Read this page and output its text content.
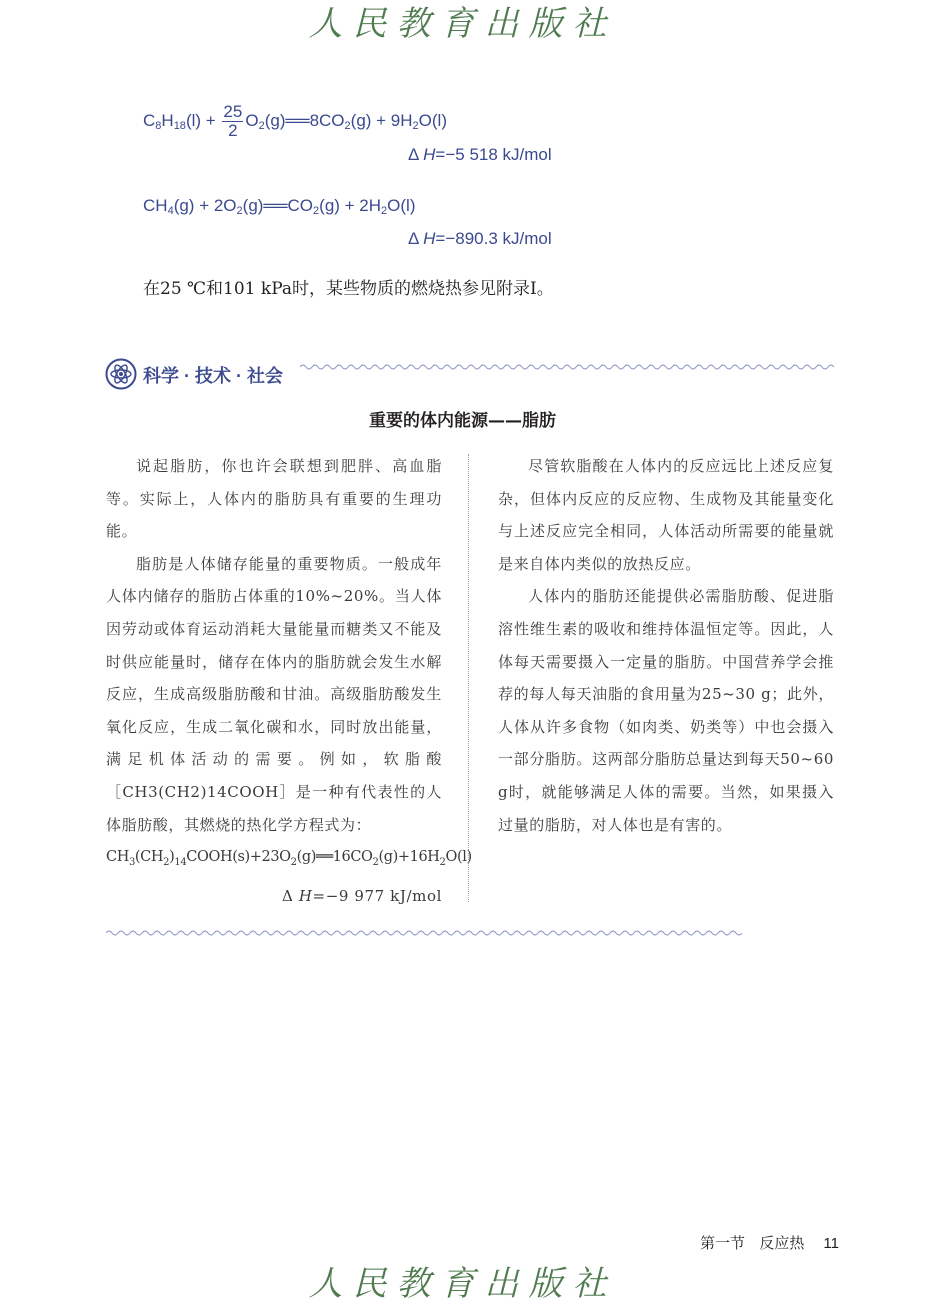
人民教育出版社
$C_8H_{18}(l) + \frac{25}{2}$ $O_2(g)══8CO_2(g) + 9H_2O(l)$
Δ H=−5 518 kJ/mol
$CH_4(g)$ + $2O_2(g)══CO_2(g) + 2H_2O(l)$
Δ H=−890.3 kJ/mol
在25 ℃和101 kPa时，某些物质的燃烧热参见附录Ⅰ。
科学 · 技术 · 社会
重要的体内能源——脂肪

说起脂肪，你也许会联想到肥胖、高血脂等。实际上，人体内的脂肪具有重要的生理功能。

脂肪是人体储存能量的重要物质。一般成年人体内储存的脂肪占体重的10%~20%。当人体因劳动或体育运动消耗大量能量而糖类又不能及时供应能量时，储存在体内的脂肪就会发生水解反应，生成高级脂肪酸和甘油。高级脂肪酸发生氧化反应，生成二氧化碳和水，同时放出能量，满足机体活动的需要。例如，软脂酸［CH3(CH2)14COOH］是一种有代表性的人体脂肪酸，其燃烧的热化学方程式为：

$CH_3(CH_2)_{14}COOH(s)+23O_2(g)══16CO_2(g)+16H_2O(l)$

Δ H=−9 977 kJ/mol

尽管软脂酸在人体内的反应远比上述反应复杂，但体内反应的反应物、生成物及其能量变化与上述反应完全相同，人体活动所需要的能量就是来自体内类似的放热反应。

人体内的脂肪还能提供必需脂肪酸、促进脂溶性维生素的吸收和维持体温恒定等。因此，人体每天需要摄入一定量的脂肪。中国营养学会推荐的每人每天油脂的食用量为25~30 g；此外，人体从许多食物（如肉类、奶类等）中也会摄入一部分脂肪。这两部分脂肪总量达到每天50~60 g时，就能够满足人体的需要。当然，如果摄入过量的脂肪，对人体也是有害的。

第一节 反应热 11
人民教育出版社
